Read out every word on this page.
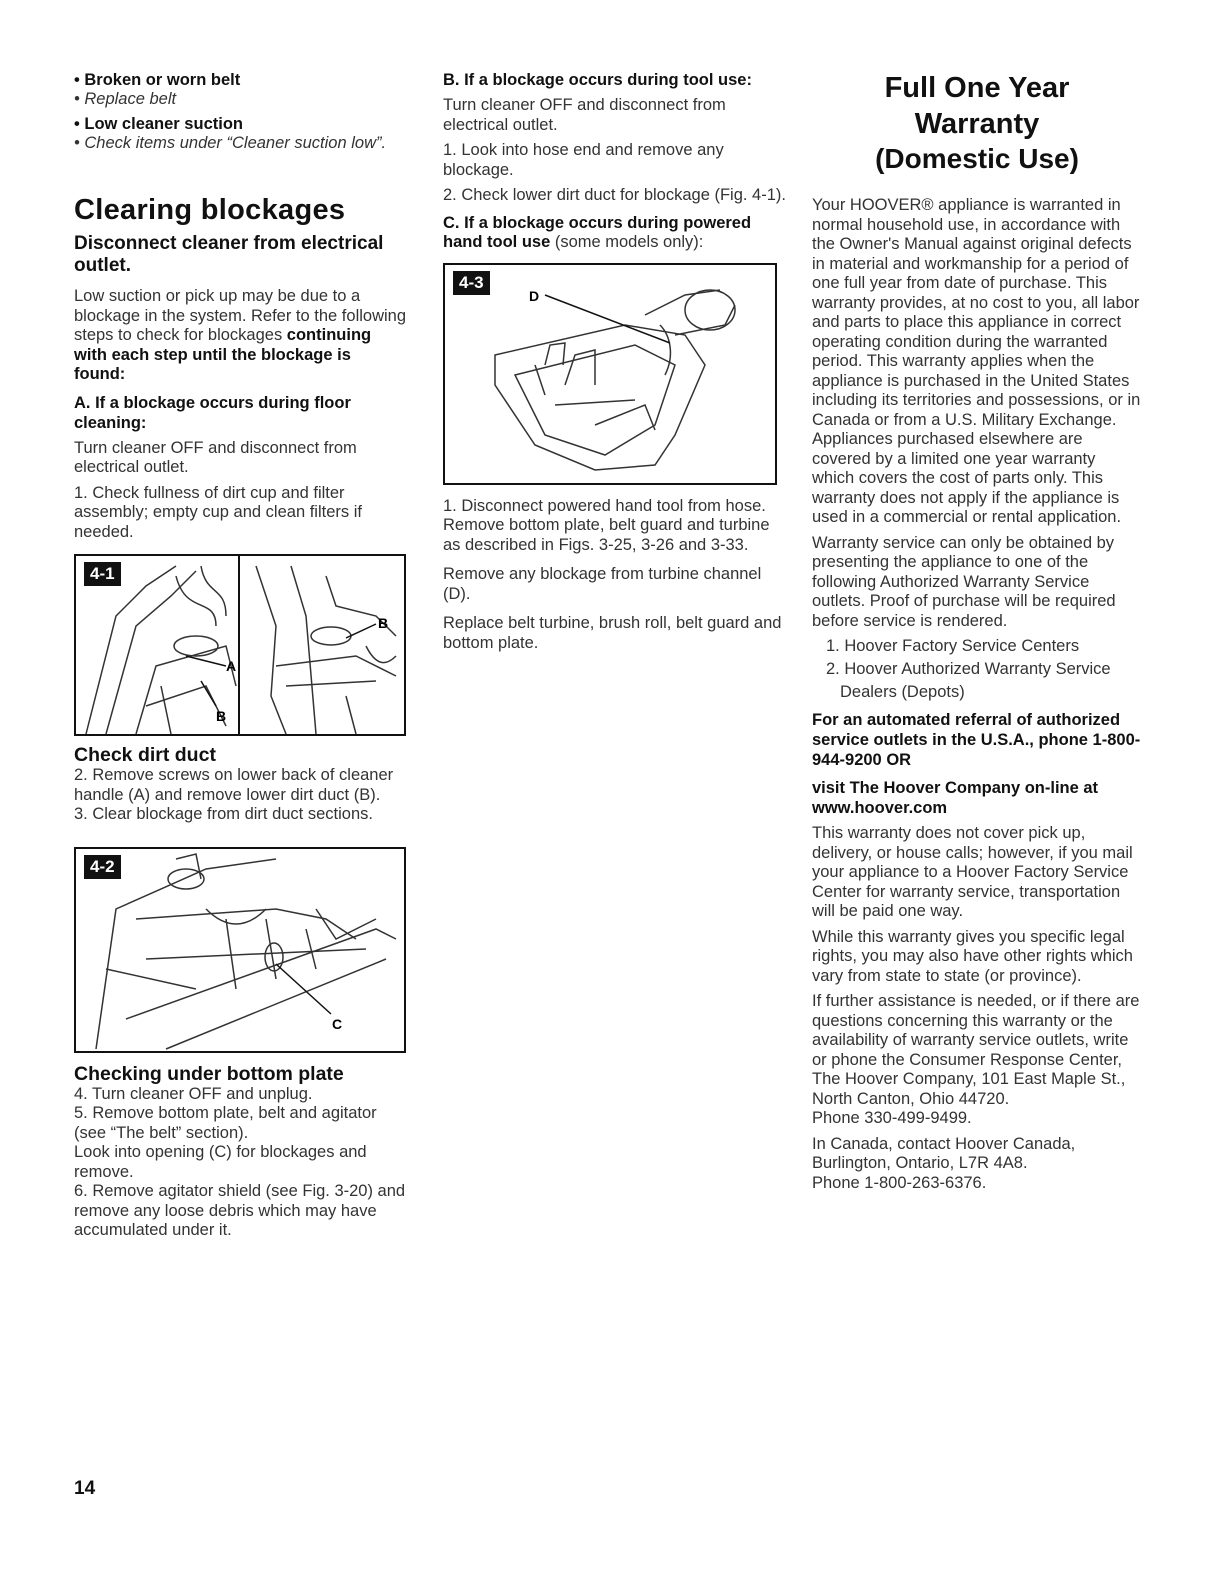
• Broken or worn belt

• Replace belt

• Low cleaner suction

• Check items under “Cleaner suction low”.

Clearing blockages
Disconnect cleaner from electrical outlet.

Low suction or pick up may be due to a blockage in the system. Refer to the following steps to check for blockages continuing with each step until the blockage is found:

A. If a blockage occurs during floor cleaning:

Turn cleaner OFF and disconnect from electrical outlet.

1. Check fullness of dirt cup and filter assembly; empty cup and clean filters if needed.

A
B
B
4-1
Check dirt duct

2. Remove screws on lower back of cleaner handle (A) and remove lower dirt duct (B).

3. Clear blockage from dirt duct sections.

C
4-2
Checking under bottom plate

4. Turn cleaner OFF and unplug.

5. Remove bottom plate, belt and agitator (see “The belt” section).

Look into opening (C) for blockages and remove.

6. Remove agitator shield (see Fig. 3-20) and remove any loose debris which may have accumulated under it.

B. If a blockage occurs during tool use:

Turn cleaner OFF and disconnect from electrical outlet.

1. Look into hose end and remove any blockage.

2. Check lower dirt duct for blockage (Fig. 4-1).

C. If a blockage occurs during powered hand tool use (some models only):

D
4-3

1. Disconnect powered hand tool from hose. Remove bottom plate, belt guard and turbine as described in Figs. 3-25, 3-26 and 3-33.

Remove any blockage from turbine channel (D).

Replace belt turbine, brush roll, belt guard and bottom plate.

Full One Year

Warranty

(Domestic Use)

Your HOOVER® appliance is warranted in normal household use, in accordance with the Owner's Manual against original defects in material and workmanship for a period of one full year from date of purchase. This warranty provides, at no cost to you, all labor and parts to place this appliance in correct operating condition during the warranted period. This warranty applies when the appliance is purchased in the United States including its territories and possessions, or in Canada or from a U.S. Military Exchange. Appliances purchased elsewhere are covered by a limited one year warranty which covers the cost of parts only. This warranty does not apply if the appliance is used in a commercial or rental application.

Warranty service can only be obtained by presenting the appliance to one of the following Authorized Warranty Service outlets. Proof of purchase will be required before service is rendered.

1. Hoover Factory Service Centers
2. Hoover Authorized Warranty Service Dealers (Depots)

For an automated referral of authorized service outlets in the U.S.A., phone 1-800-944-9200 OR

visit The Hoover Company on-line at www.hoover.com

This warranty does not cover pick up, delivery, or house calls; however, if you mail your appliance to a Hoover Factory Service Center for warranty service, transportation will be paid one way.

While this warranty gives you specific legal rights, you may also have other rights which vary from state to state (or province).

If further assistance is needed, or if there are questions concerning this warranty or the availability of warranty service outlets, write or phone the Consumer Response Center, The Hoover Company, 101 East Maple St., North Canton, Ohio 44720.

Phone 330-499-9499.

In Canada, contact Hoover Canada, Burlington, Ontario, L7R 4A8.

Phone 1-800-263-6376.

14
